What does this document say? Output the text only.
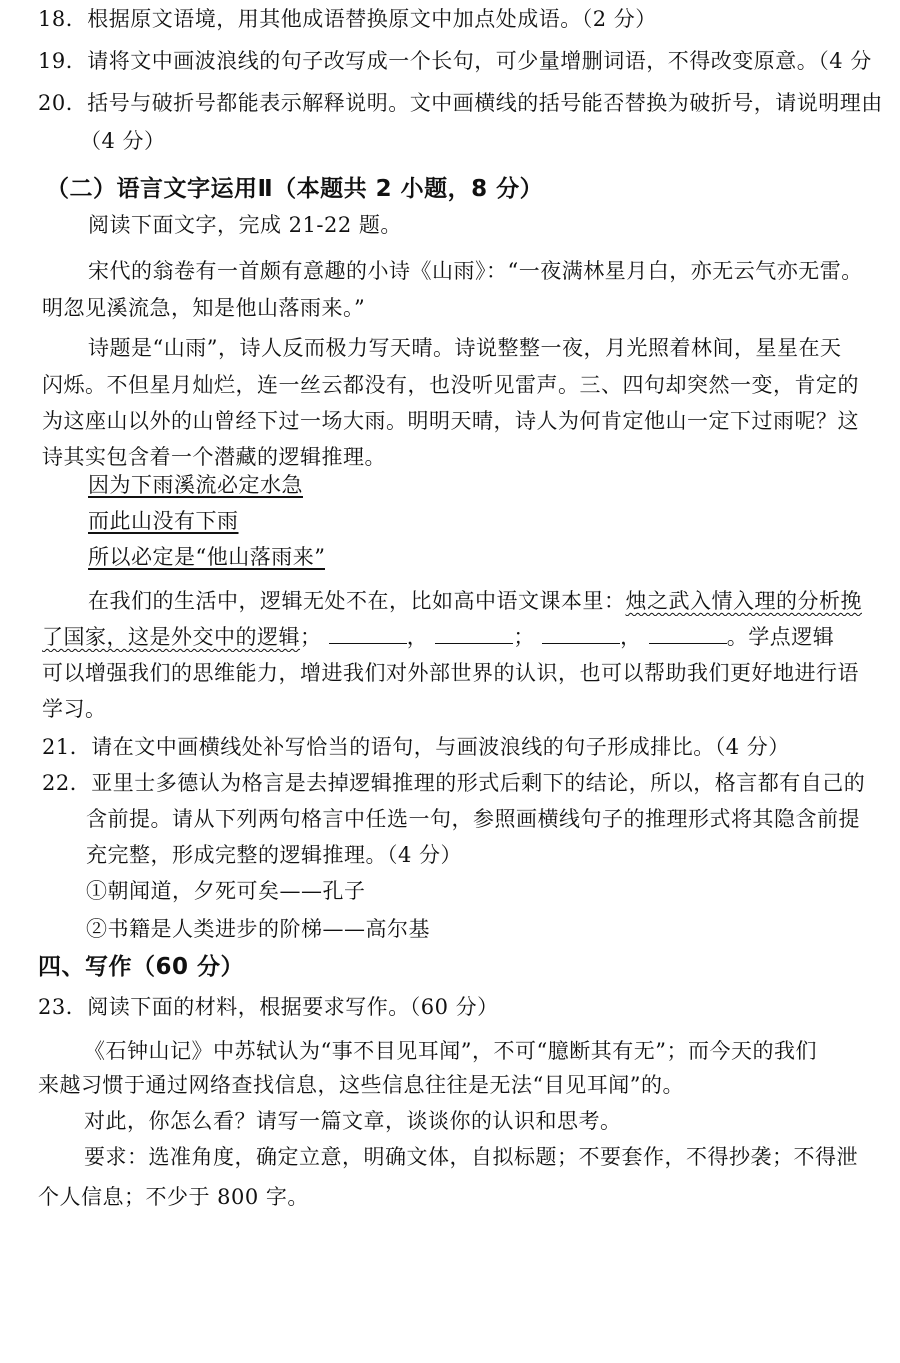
18．根据原文语境，用其他成语替换原文中加点处成语。（2 分）
19．请将文中画波浪线的句子改写成一个长句，可少量增删词语，不得改变原意。（4 分
20．括号与破折号都能表示解释说明。文中画横线的括号能否替换为破折号，请说明理由
（4 分）
（二）语言文字运用Ⅱ（本题共 2 小题，8 分）
阅读下面文字，完成 21-22 题。
宋代的翁卷有一首颇有意趣的小诗《山雨》：“一夜满林星月白，亦无云气亦无雷。
明忽见溪流急，知是他山落雨来。”
诗题是“山雨”，诗人反而极力写天晴。诗说整整一夜，月光照着林间，星星在天
闪烁。不但星月灿烂，连一丝云都没有，也没听见雷声。三、四句却突然一变，肯定的
为这座山以外的山曾经下过一场大雨。明明天晴，诗人为何肯定他山一定下过雨呢？这
诗其实包含着一个潜藏的逻辑推理。
因为下雨溪流必定水急
而此山没有下雨
所以必定是“他山落雨来”
在我们的生活中，逻辑无处不在，比如高中语文课本里：烛之武入情入理的分析挽
了国家，这是外交中的逻辑；	，	；	，	。学点逻辑
可以增强我们的思维能力，增进我们对外部世界的认识，也可以帮助我们更好地进行语
学习。
21．请在文中画横线处补写恰当的语句，与画波浪线的句子形成排比。（4 分）
22．亚里士多德认为格言是去掉逻辑推理的形式后剩下的结论，所以，格言都有自己的
含前提。请从下列两句格言中任选一句，参照画横线句子的推理形式将其隐含前提
充完整，形成完整的逻辑推理。（4 分）
①朝闻道，夕死可矣——孔子
②书籍是人类进步的阶梯——高尔基
四、写作（60 分）
23．阅读下面的材料，根据要求写作。（60 分）
《石钟山记》中苏轼认为“事不目见耳闻”，不可“臆断其有无”；而今天的我们
来越习惯于通过网络查找信息，这些信息往往是无法“目见耳闻”的。
对此，你怎么看？请写一篇文章，谈谈你的认识和思考。
要求：选准角度，确定立意，明确文体，自拟标题；不要套作，不得抄袭；不得泄
个人信息；不少于 800 字。
